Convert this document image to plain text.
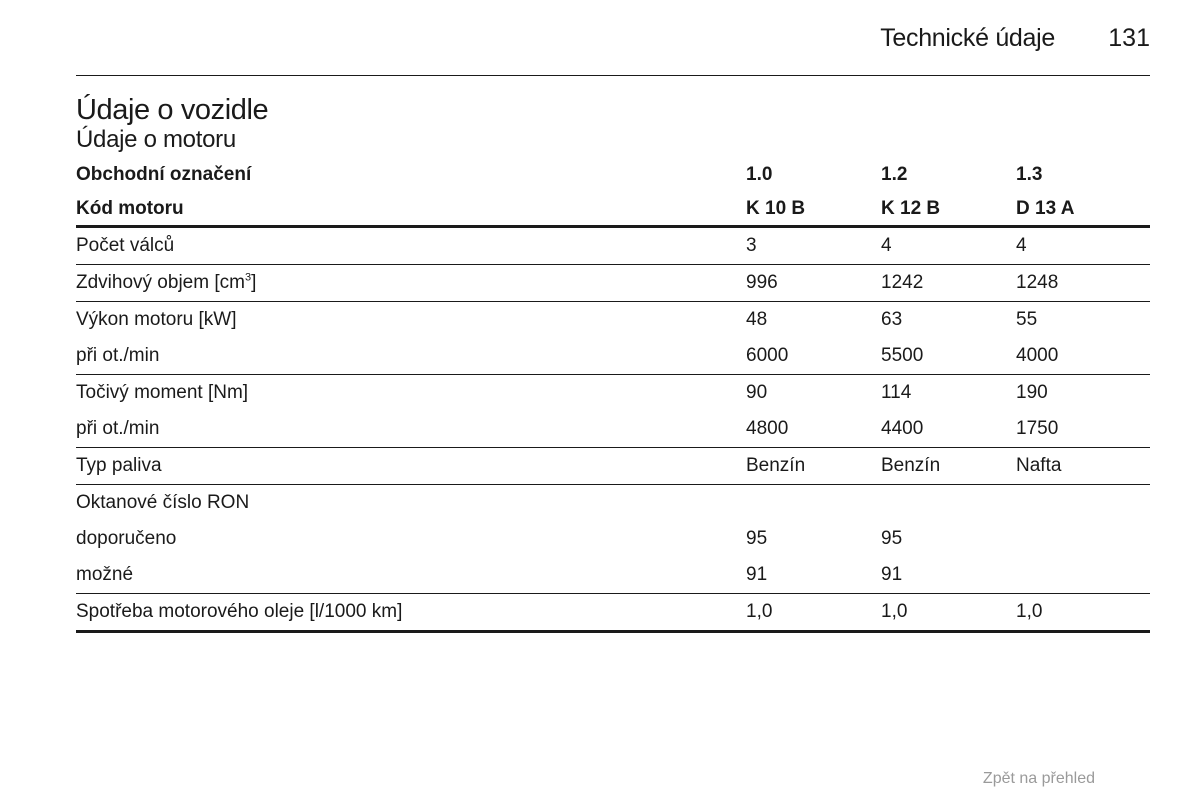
Technické údaje 131
Údaje o vozidle
Údaje o motoru
Obchodní označení	1.0	1.2	1.3
Kód motoru	K 10 B	K 12 B	D 13 A
Počet válců	3	4	4
Zdvihový objem $[cm^3]$	996	1242	1248
Výkon motoru [kW]	48	63	55
při ot./min	6000	5500	4000
Točivý moment [Nm]	90	114	190
při ot./min	4800	4400	1750
Typ paliva	Benzín	Benzín	Nafta
Oktanové číslo RON			
doporučeno	95	95	
možné	91	91	
Spotřeba motorového oleje [l/1000 km]	1,0	1,0	1,0
Zpět na přehled
